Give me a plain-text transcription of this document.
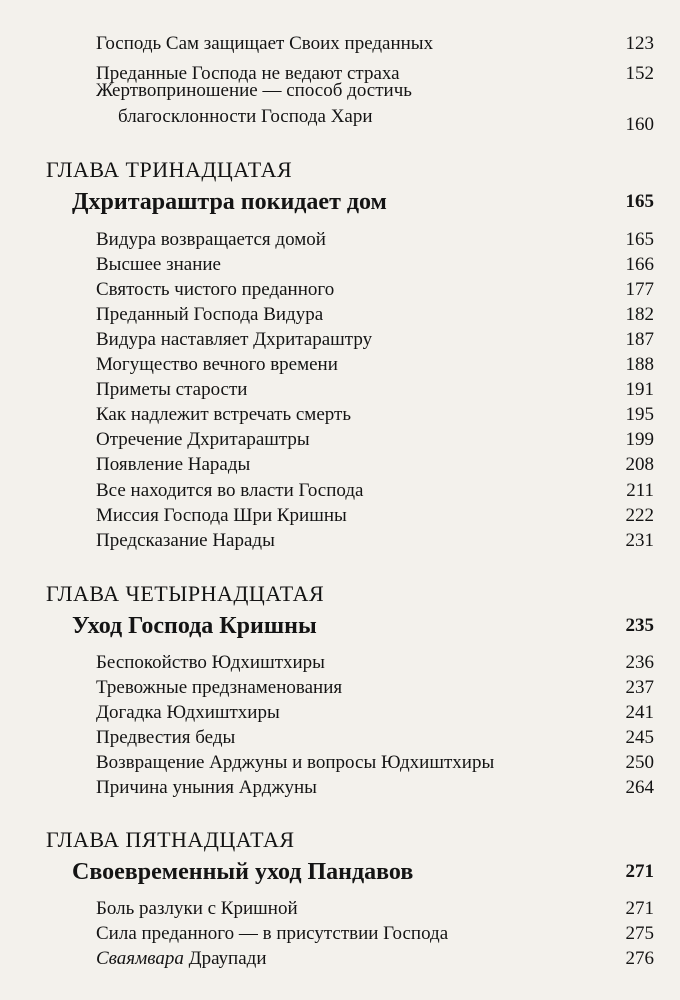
Господь Сам защищает Своих преданных	123
Преданные Господа не ведают страха	152
Жертвоприношение — способ достичь
благосклонности Господа Хари	160
ГЛАВА ТРИНАДЦАТАЯ
Дхритараштра покидает дом	165
Видура возвращается домой	165
Высшее знание	166
Святость чистого преданного	177
Преданный Господа Видура	182
Видура наставляет Дхритараштру	187
Могущество вечного времени	188
Приметы старости	191
Как надлежит встречать смерть	195
Отречение Дхритараштры	199
Появление Нарады	208
Все находится во власти Господа	211
Миссия Господа Шри Кришны	222
Предсказание Нарады	231
ГЛАВА ЧЕТЫРНАДЦАТАЯ
Уход Господа Кришны	235
Беспокойство Юдхиштхиры	236
Тревожные предзнаменования	237
Догадка Юдхиштхиры	241
Предвестия беды	245
Возвращение Арджуны и вопросы Юдхиштхиры	250
Причина уныния Арджуны	264
ГЛАВА ПЯТНАДЦАТАЯ
Своевременный уход Пандавов	271
Боль разлуки с Кришной	271
Сила преданного — в присутствии Господа	275
Сваямвара Драупади	276
